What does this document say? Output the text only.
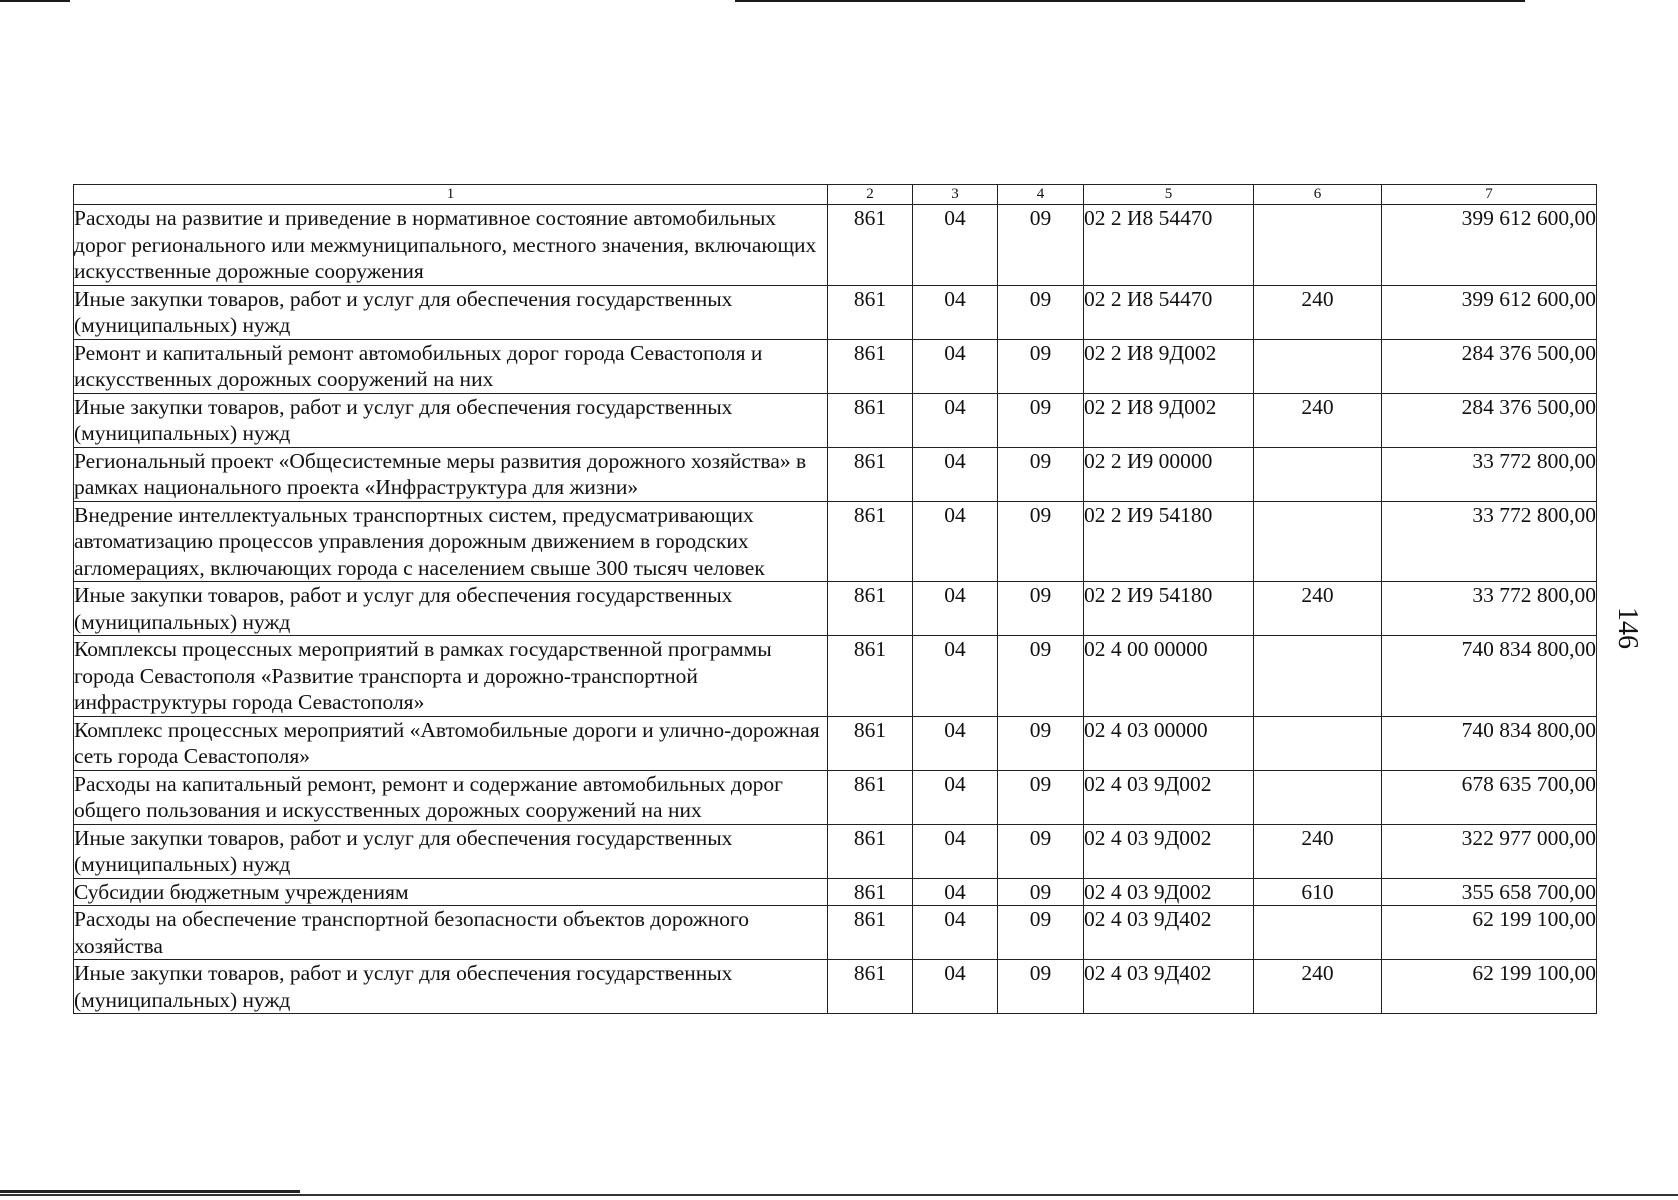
1	2	3	4	5	6	7
Расходы на развитие и приведение в нормативное состояние автомобильных дорог регионального или межмуниципального, местного значения, включающих искусственные дорожные сооружения	861	04	09	02 2 И8 54470		399 612 600,00
Иные закупки товаров, работ и услуг для обеспечения государственных (муниципальных) нужд	861	04	09	02 2 И8 54470	240	399 612 600,00
Ремонт и капитальный ремонт автомобильных дорог города Севастополя и искусственных дорожных сооружений на них	861	04	09	02 2 И8 9Д002		284 376 500,00
Иные закупки товаров, работ и услуг для обеспечения государственных (муниципальных) нужд	861	04	09	02 2 И8 9Д002	240	284 376 500,00
Региональный проект «Общесистемные меры развития дорожного хозяйства» в рамках национального проекта «Инфраструктура для жизни»	861	04	09	02 2 И9 00000		33 772 800,00
Внедрение интеллектуальных транспортных систем, предусматривающих автоматизацию процессов управления дорожным движением в городских агломерациях, включающих города с населением свыше 300 тысяч человек	861	04	09	02 2 И9 54180		33 772 800,00
Иные закупки товаров, работ и услуг для обеспечения государственных (муниципальных) нужд	861	04	09	02 2 И9 54180	240	33 772 800,00
Комплексы процессных мероприятий в рамках государственной программы города Севастополя «Развитие транспорта и дорожно-транспортной инфраструктуры города Севастополя»	861	04	09	02 4 00 00000		740 834 800,00
Комплекс процессных мероприятий «Автомобильные дороги и улично-дорожная сеть города Севастополя»	861	04	09	02 4 03 00000		740 834 800,00
Расходы на капитальный ремонт, ремонт и содержание автомобильных дорог общего пользования и искусственных дорожных сооружений на них	861	04	09	02 4 03 9Д002		678 635 700,00
Иные закупки товаров, работ и услуг для обеспечения государственных (муниципальных) нужд	861	04	09	02 4 03 9Д002	240	322 977 000,00
Субсидии бюджетным учреждениям	861	04	09	02 4 03 9Д002	610	355 658 700,00
Расходы на обеспечение транспортной безопасности объектов дорожного хозяйства	861	04	09	02 4 03 9Д402		62 199 100,00
Иные закупки товаров, работ и услуг для обеспечения государственных (муниципальных) нужд	861	04	09	02 4 03 9Д402	240	62 199 100,00
146
